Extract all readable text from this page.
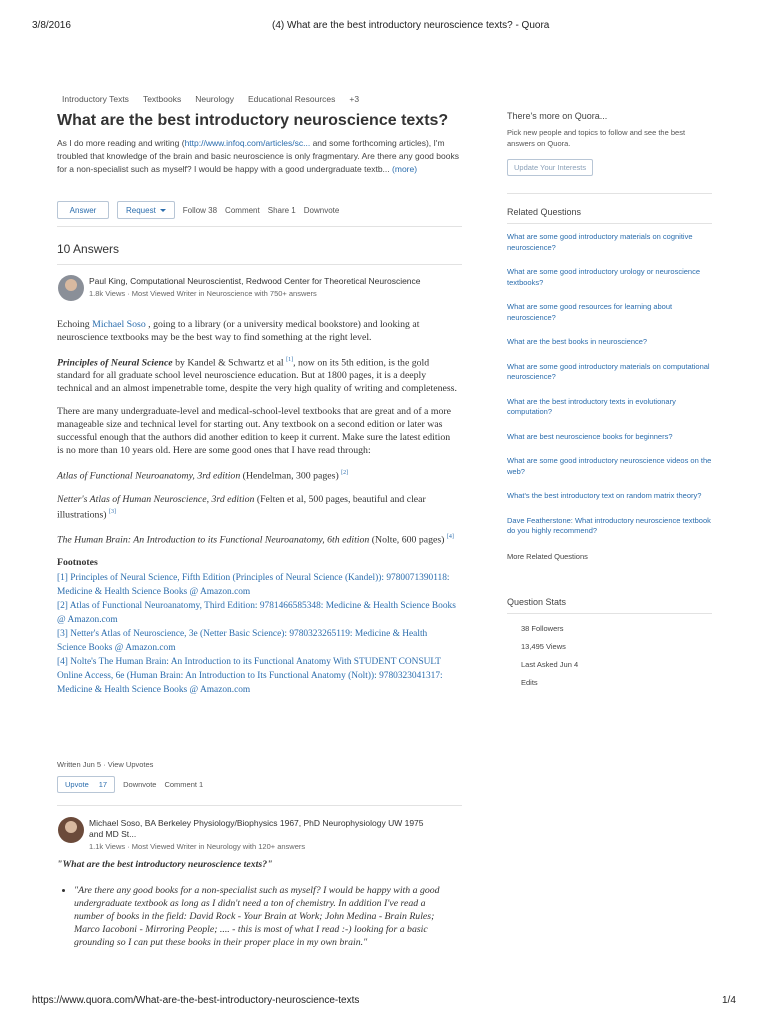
3/8/2016	(4) What are the best introductory neuroscience texts? - Quora
Introductory Texts Textbooks Neurology Educational Resources +3
What are the best introductory neuroscience texts?
As I do more reading and writing (http://www.infoq.com/articles/sc... and some forthcoming articles), I'm troubled that knowledge of the brain and basic neuroscience is only fragmentary. Are there any good books for a non-specialist such as myself? I would be happy with a good undergraduate textb... (more)
Answer	Request	Follow 38 Comment Share 1 Downvote
10 Answers
Paul King, Computational Neuroscientist, Redwood Center for Theoretical Neuroscience
1.8k Views · Most Viewed Writer in Neuroscience with 750+ answers

Echoing Michael Soso , going to a library (or a university medical bookstore) and looking at neuroscience textbooks may be the best way to find something at the right level.

Principles of Neural Science by Kandel & Schwartz et al [1], now on its 5th edition, is the gold standard for all graduate school level neuroscience education. But at 1800 pages, it is a deeply technical and an almost impenetrable tome, despite the very high quality of writing and completeness.

There are many undergraduate-level and medical-school-level textbooks that are great and of a more manageable size and technical level for starting out. Any textbook on a second edition or later was successful enough that the authors did another edition to keep it current. Make sure the latest edition is no more than 10 years old. Here are some good ones that I have read through:

Atlas of Functional Neuroanatomy, 3rd edition (Hendelman, 300 pages) [2]

Netter's Atlas of Human Neuroscience, 3rd edition (Felten et al, 500 pages, beautiful and clear illustrations) [3]

The Human Brain: An Introduction to its Functional Neuroanatomy, 6th edition (Nolte, 600 pages) [4]

Footnotes
[1] Principles of Neural Science, Fifth Edition (Principles of Neural Science (Kandel)): 9780071390118: Medicine & Health Science Books @ Amazon.com
[2] Atlas of Functional Neuroanatomy, Third Edition: 9781466585348: Medicine & Health Science Books @ Amazon.com
[3] Netter's Atlas of Neuroscience, 3e (Netter Basic Science): 9780323265119: Medicine & Health Science Books @ Amazon.com
[4] Nolte's The Human Brain: An Introduction to its Functional Anatomy With STUDENT CONSULT Online Access, 6e (Human Brain: An Introduction to Its Functional Anatomy (Nolt)): 9780323041317: Medicine & Health Science Books @ Amazon.com
Written Jun 5 · View Upvotes
Upvote 17 Downvote Comment 1
Michael Soso, BA Berkeley Physiology/Biophysics 1967, PhD Neurophysiology UW 1975 and MD St...
1.1k Views · Most Viewed Writer in Neurology with 120+ answers
"What are the best introductory neuroscience texts?"
• "Are there any good books for a non-specialist such as myself? I would be happy with a good undergraduate textbook as long as I didn't need a ton of chemistry. In addition I've read a number of books in the field: David Rock - Your Brain at Work; John Medina - Brain Rules; Marco Iacoboni - Mirroring People; .... - this is most of what I read :-) looking for a basic grounding so I can put these books in their proper place in my own brain."
There's more on Quora...
Pick new people and topics to follow and see the best answers on Quora.
Update Your Interests
Related Questions
What are some good introductory materials on cognitive neuroscience?
What are some good introductory urology or neuroscience textbooks?
What are some good resources for learning about neuroscience?
What are the best books in neuroscience?
What are some good introductory materials on computational neuroscience?
What are the best introductory texts in evolutionary computation?
What are best neuroscience books for beginners?
What are some good introductory neuroscience videos on the web?
What's the best introductory text on random matrix theory?
Dave Featherstone: What introductory neuroscience textbook do you highly recommend?
More Related Questions
Question Stats
38 Followers
13,495 Views
Last Asked Jun 4
Edits
https://www.quora.com/What-are-the-best-introductory-neuroscience-texts	1/4
